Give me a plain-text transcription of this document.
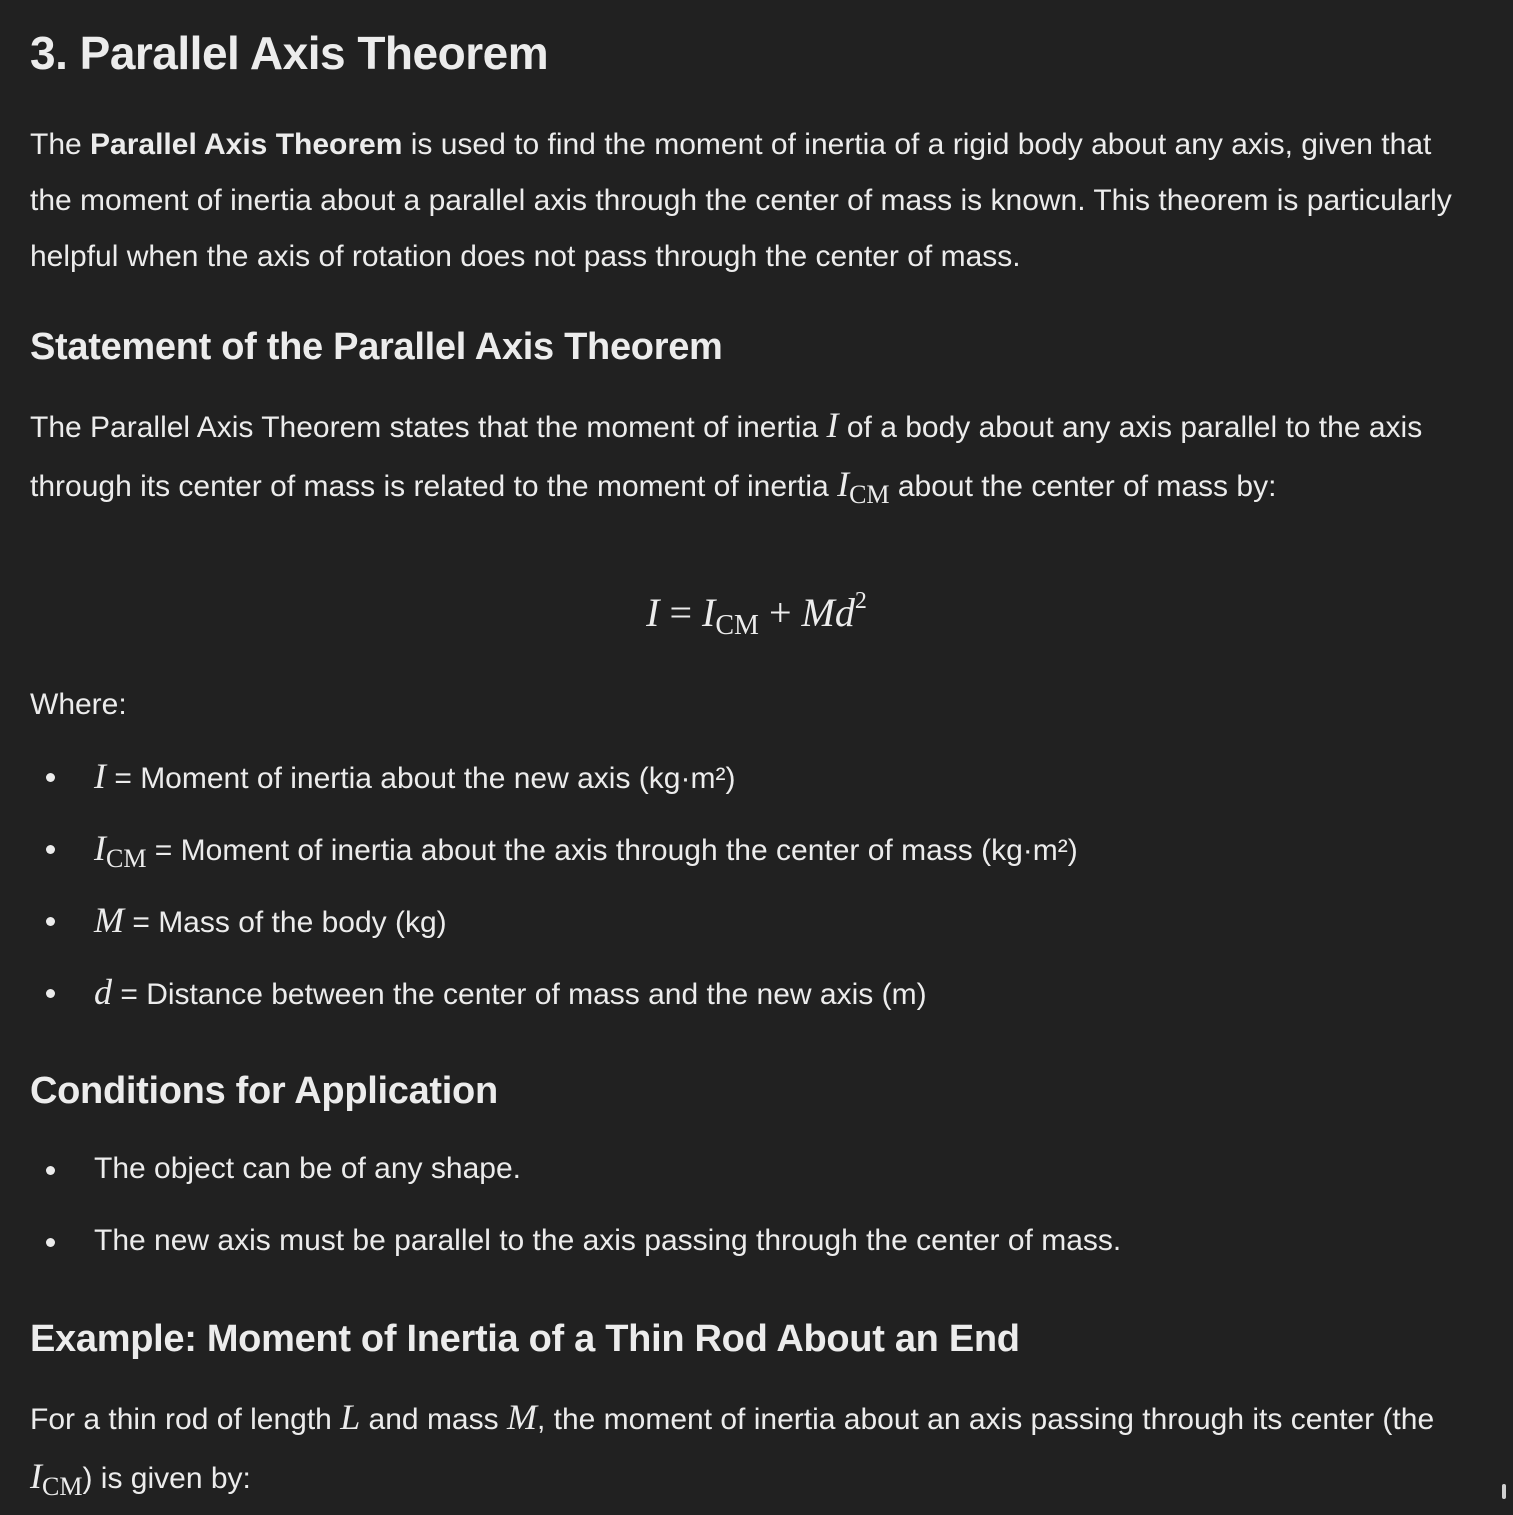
3. Parallel Axis Theorem

The Parallel Axis Theorem is used to find the moment of inertia of a rigid body about any axis, given that the moment of inertia about a parallel axis through the center of mass is known. This theorem is particularly helpful when the axis of rotation does not pass through the center of mass.

Statement of the Parallel Axis Theorem

The Parallel Axis Theorem states that the moment of inertia I of a body about any axis parallel to the axis through its center of mass is related to the moment of inertia $I_{CM}$ about the center of mass by:

$I = I_{CM} + Md^2$

Where:

I = Moment of inertia about the new axis (kg·m²)
$I_{CM}$ = Moment of inertia about the axis through the center of mass (kg·m²)
M = Mass of the body (kg)
d = Distance between the center of mass and the new axis (m)
Conditions for Application
The object can be of any shape.
The new axis must be parallel to the axis passing through the center of mass.
Example: Moment of Inertia of a Thin Rod About an End

For a thin rod of length L and mass M, the moment of inertia about an axis passing through its center (the $I_{CM}$) is given by:
